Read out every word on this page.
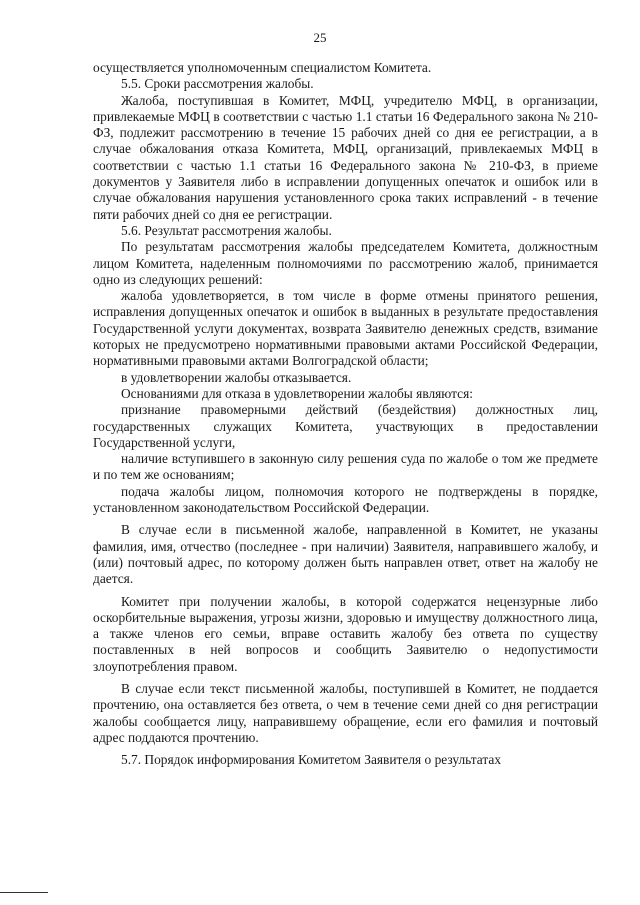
25

осуществляется уполномоченным специалистом Комитета.

5.5. Сроки рассмотрения жалобы.

Жалоба, поступившая в Комитет, МФЦ, учредителю МФЦ, в организации, привлекаемые МФЦ в соответствии с частью 1.1 статьи 16 Федерального закона № 210-ФЗ, подлежит рассмотрению в течение 15 рабочих дней со дня ее регистрации, а в случае обжалования отказа Комитета, МФЦ, организаций, привлекаемых МФЦ в соответствии с частью 1.1 статьи 16 Федерального закона № 210-ФЗ, в приеме документов у Заявителя либо в исправлении допущенных опечаток и ошибок или в случае обжалования нарушения установленного срока таких исправлений - в течение пяти рабочих дней со дня ее регистрации.

5.6. Результат рассмотрения жалобы.

По результатам рассмотрения жалобы председателем Комитета, должностным лицом Комитета, наделенным полномочиями по рассмотрению жалоб, принимается одно из следующих решений:

жалоба удовлетворяется, в том числе в форме отмены принятого решения, исправления допущенных опечаток и ошибок в выданных в результате предоставления Государственной услуги документах, возврата Заявителю денежных средств, взимание которых не предусмотрено нормативными правовыми актами Российской Федерации, нормативными правовыми актами Волгоградской области;

в удовлетворении жалобы отказывается.

Основаниями для отказа в удовлетворении жалобы являются:

признание правомерными действий (бездействия) должностных лиц, государственных служащих Комитета, участвующих в предоставлении Государственной услуги,

наличие вступившего в законную силу решения суда по жалобе о том же предмете и по тем же основаниям;

подача жалобы лицом, полномочия которого не подтверждены в порядке, установленном законодательством Российской Федерации.

В случае если в письменной жалобе, направленной в Комитет, не указаны фамилия, имя, отчество (последнее - при наличии) Заявителя, направившего жалобу, и (или) почтовый адрес, по которому должен быть направлен ответ, ответ на жалобу не дается.

Комитет при получении жалобы, в которой содержатся нецензурные либо оскорбительные выражения, угрозы жизни, здоровью и имуществу должностного лица, а также членов его семьи, вправе оставить жалобу без ответа по существу поставленных в ней вопросов и сообщить Заявителю о недопустимости злоупотребления правом.

В случае если текст письменной жалобы, поступившей в Комитет, не поддается прочтению, она оставляется без ответа, о чем в течение семи дней со дня регистрации жалобы сообщается лицу, направившему обращение, если его фамилия и почтовый адрес поддаются прочтению.

5.7. Порядок информирования Комитетом Заявителя о результатах
